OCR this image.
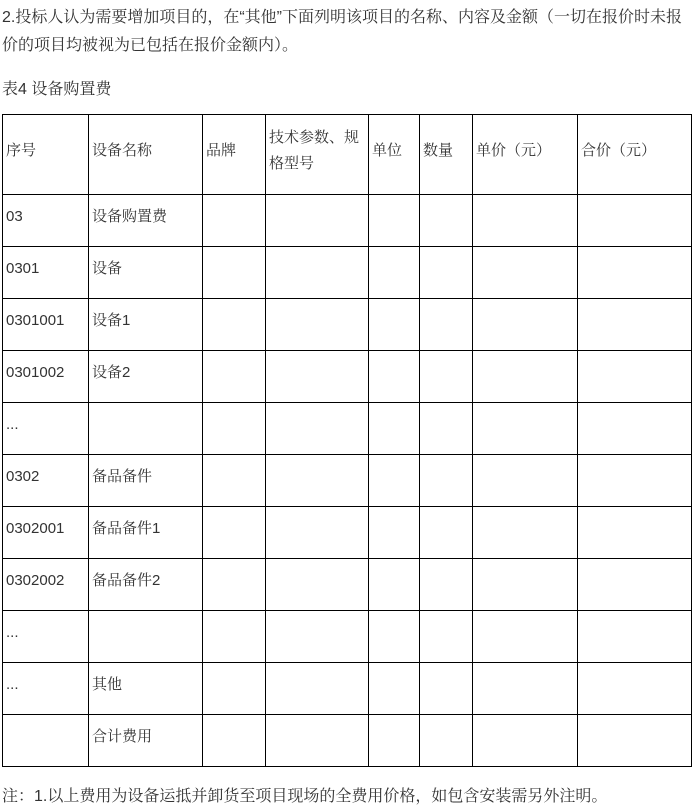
2.投标人认为需要增加项目的，在“其他”下面列明该项目的名称、内容及金额（一切在报价时未报价的项目均被视为已包括在报价金额内）。

表4 设备购置费

序号	设备名称	品牌	技术参数、规格型号	单位	数量	单价（元）	合价（元）
03	设备购置费						
0301	设备						
0301001	设备1						
0301002	设备2						
...							
0302	备品备件						
0302001	备品备件1						
0302002	备品备件2						
...							
...	其他						
	合计费用						

注：1.以上费用为设备运抵并卸货至项目现场的全费用价格，如包含安装需另外注明。
